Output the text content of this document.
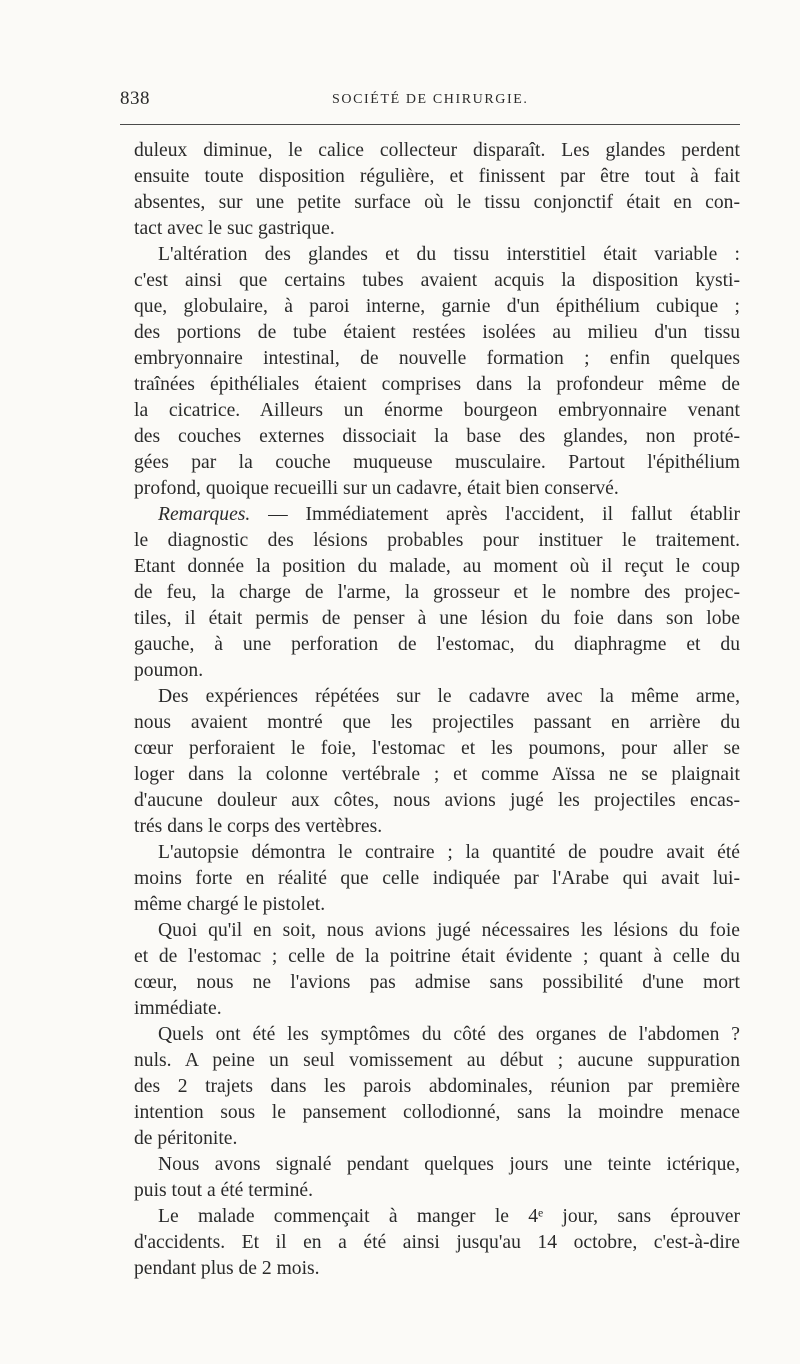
838	SOCIÉTÉ DE CHIRURGIE.
duleux diminue, le calice collecteur disparaît. Les glandes perdent
ensuite toute disposition régulière, et finissent par être tout à fait
absentes, sur une petite surface où le tissu conjonctif était en con-
tact avec le suc gastrique.
L'altération des glandes et du tissu interstitiel était variable :
c'est ainsi que certains tubes avaient acquis la disposition kysti-
que, globulaire, à paroi interne, garnie d'un épithélium cubique ;
des portions de tube étaient restées isolées au milieu d'un tissu
embryonnaire intestinal, de nouvelle formation ; enfin quelques
traînées épithéliales étaient comprises dans la profondeur même de
la cicatrice. Ailleurs un énorme bourgeon embryonnaire venant
des couches externes dissociait la base des glandes, non proté-
gées par la couche muqueuse musculaire. Partout l'épithélium
profond, quoique recueilli sur un cadavre, était bien conservé.
Remarques. — Immédiatement après l'accident, il fallut établir
le diagnostic des lésions probables pour instituer le traitement.
Etant donnée la position du malade, au moment où il reçut le coup
de feu, la charge de l'arme, la grosseur et le nombre des projec-
tiles, il était permis de penser à une lésion du foie dans son lobe
gauche, à une perforation de l'estomac, du diaphragme et du
poumon.
Des expériences répétées sur le cadavre avec la même arme,
nous avaient montré que les projectiles passant en arrière du
cœur perforaient le foie, l'estomac et les poumons, pour aller se
loger dans la colonne vertébrale ; et comme Aïssa ne se plaignait
d'aucune douleur aux côtes, nous avions jugé les projectiles encas-
trés dans le corps des vertèbres.
L'autopsie démontra le contraire ; la quantité de poudre avait été
moins forte en réalité que celle indiquée par l'Arabe qui avait lui-
même chargé le pistolet.
Quoi qu'il en soit, nous avions jugé nécessaires les lésions du foie
et de l'estomac ; celle de la poitrine était évidente ; quant à celle du
cœur, nous ne l'avions pas admise sans possibilité d'une mort
immédiate.
Quels ont été les symptômes du côté des organes de l'abdomen ?
nuls. A peine un seul vomissement au début ; aucune suppuration
des 2 trajets dans les parois abdominales, réunion par première
intention sous le pansement collodionné, sans la moindre menace
de péritonite.
Nous avons signalé pendant quelques jours une teinte ictérique,
puis tout a été terminé.
Le malade commençait à manger le 4ᵉ jour, sans éprouver
d'accidents. Et il en a été ainsi jusqu'au 14 octobre, c'est-à-dire
pendant plus de 2 mois.
